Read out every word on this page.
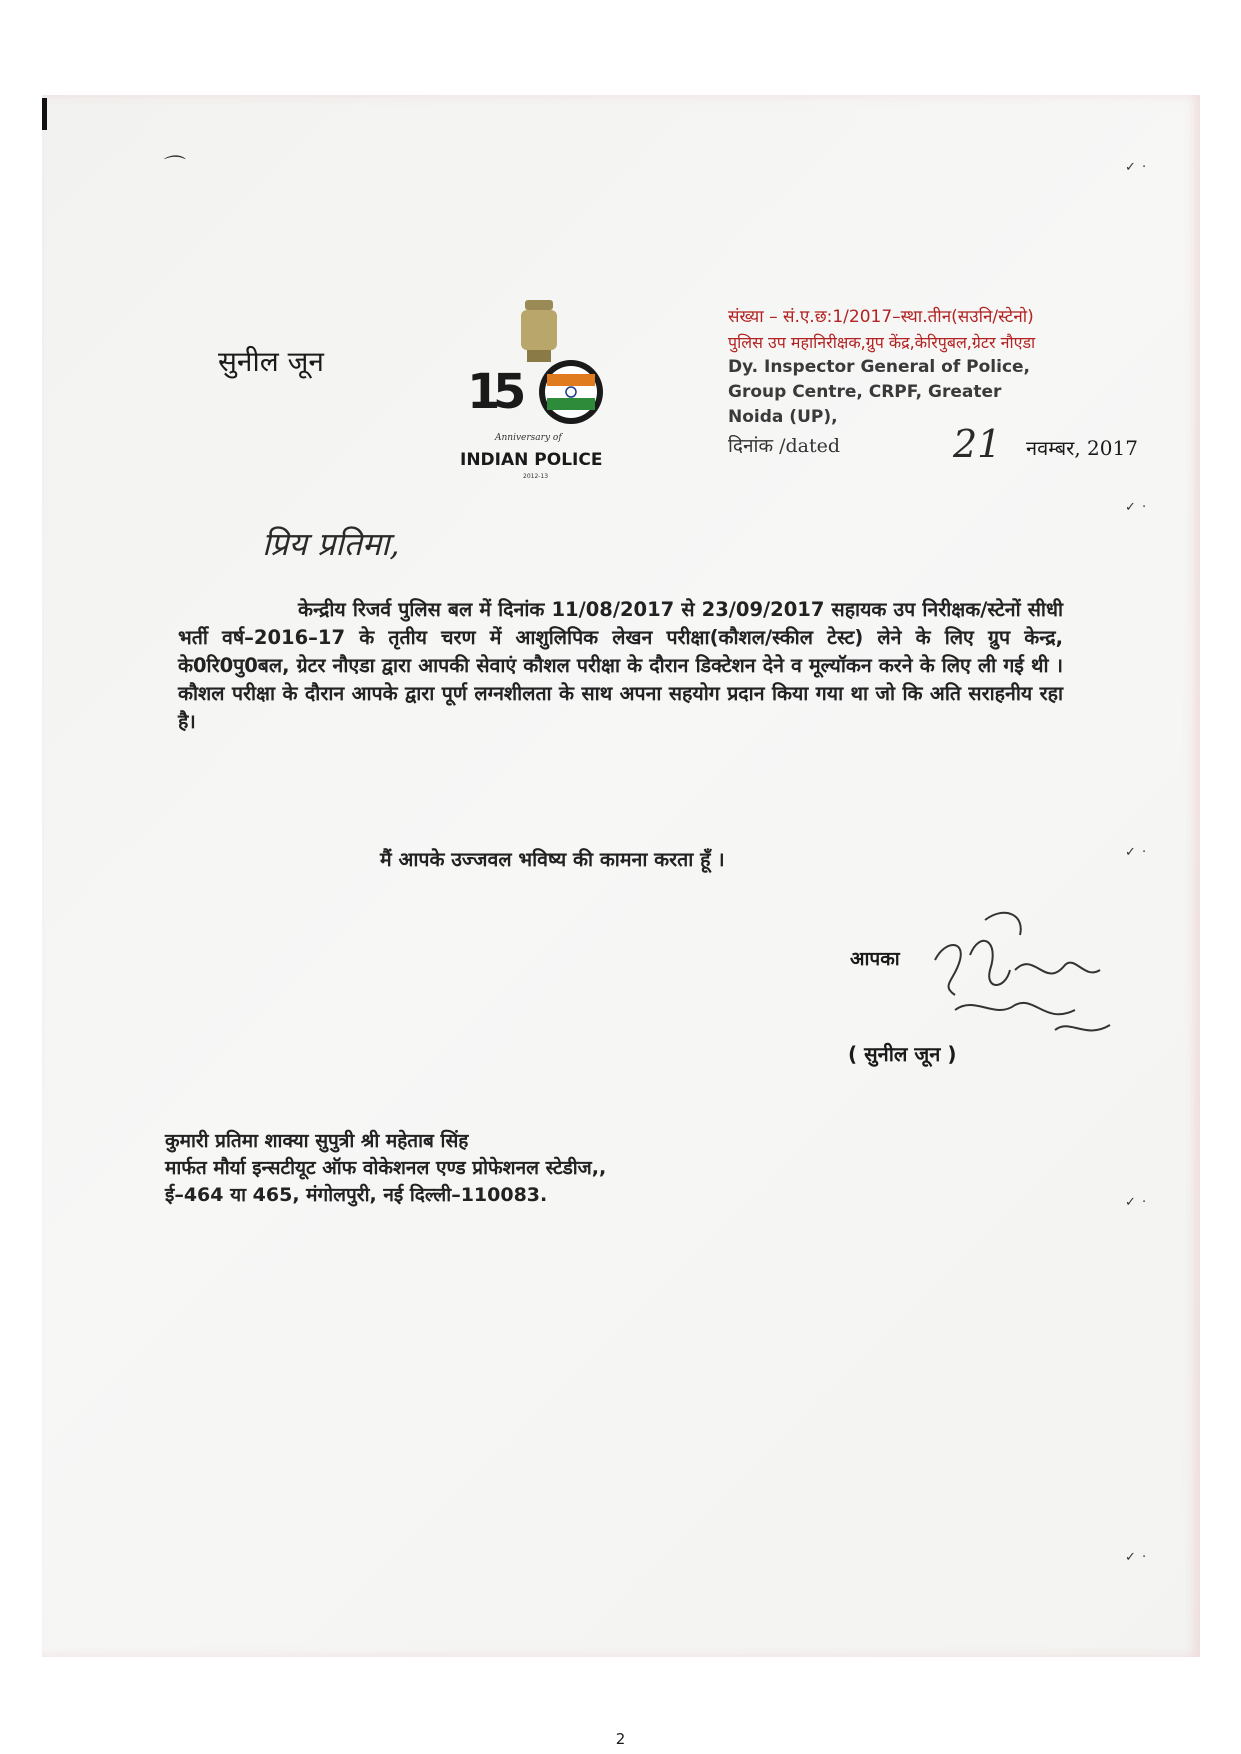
✓ ·
✓ ·
✓ ·
✓ ·
✓ ·
⌒
सुनील जून
1
5
Anniversary of
INDIAN POLICE
2012-13
संख्या – सं.ए.छ:1/2017–स्था.तीन(सउनि/स्टेनो)
पुलिस उप महानिरीक्षक,ग्रुप केंद्र,केरिपुबल,ग्रेटर नौएडा
Dy. Inspector General of Police,
Group Centre, CRPF, Greater
Noida (UP),
दिनांक /dated	21 नवम्बर, 2017
प्रिय प्रतिमा,

केन्द्रीय रिजर्व पुलिस बल में दिनांक 11/08/2017 से 23/09/2017 सहायक उप निरीक्षक/स्टेनों सीधी भर्ती वर्ष–2016–17 के तृतीय चरण में आशुलिपिक लेखन परीक्षा(कौशल/स्कील टेस्ट) लेने के लिए ग्रुप केन्द्र, के0रि0पु0बल, ग्रेटर नौएडा द्वारा आपकी सेवाएं कौशल परीक्षा के दौरान डिक्टेशन देने व मूल्यॉकन करने के लिए ली गई थी । कौशल परीक्षा के दौरान आपके द्वारा पूर्ण लग्नशीलता के साथ अपना सहयोग प्रदान किया गया था जो कि अति सराहनीय रहा है।

मैं आपके उज्जवल भविष्य की कामना करता हूँ ।
आपका
( सुनील जून )
कुमारी प्रतिमा शाक्या सुपुत्री श्री महेताब सिंह
मार्फत मौर्या इन्सटीयूट ऑफ वोकेशनल एण्ड प्रोफेशनल स्टेडीज,,
ई–464 या 465, मंगोलपुरी, नई दिल्ली–110083.
2
